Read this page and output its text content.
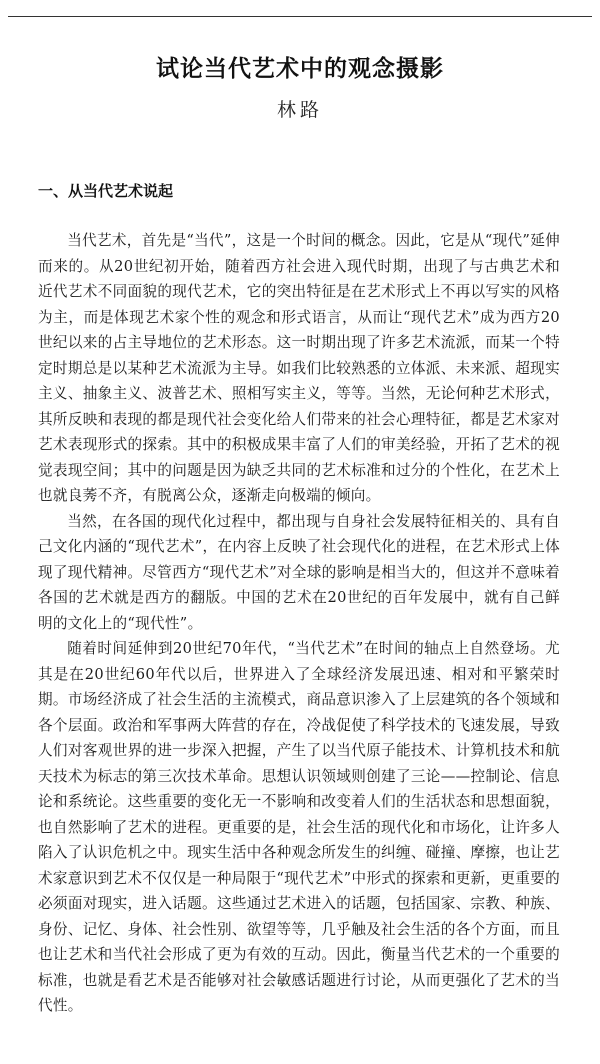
试论当代艺术中的观念摄影
林路
一、从当代艺术说起

当代艺术，首先是“当代”，这是一个时间的概念。因此，它是从“现代”延伸而来的。从20世纪初开始，随着西方社会进入现代时期，出现了与古典艺术和近代艺术不同面貌的现代艺术，它的突出特征是在艺术形式上不再以写实的风格为主，而是体现艺术家个性的观念和形式语言，从而让“现代艺术”成为西方20世纪以来的占主导地位的艺术形态。这一时期出现了许多艺术流派，而某一个特定时期总是以某种艺术流派为主导。如我们比较熟悉的立体派、未来派、超现实主义、抽象主义、波普艺术、照相写实主义，等等。当然，无论何种艺术形式，其所反映和表现的都是现代社会变化给人们带来的社会心理特征，都是艺术家对艺术表现形式的探索。其中的积极成果丰富了人们的审美经验，开拓了艺术的视觉表现空间；其中的问题是因为缺乏共同的艺术标准和过分的个性化，在艺术上也就良莠不齐，有脱离公众，逐渐走向极端的倾向。

当然，在各国的现代化过程中，都出现与自身社会发展特征相关的、具有自己文化内涵的“现代艺术”，在内容上反映了社会现代化的进程，在艺术形式上体现了现代精神。尽管西方“现代艺术”对全球的影响是相当大的，但这并不意味着各国的艺术就是西方的翻版。中国的艺术在20世纪的百年发展中，就有自己鲜明的文化上的“现代性”。

随着时间延伸到20世纪70年代，“当代艺术”在时间的轴点上自然登场。尤其是在20世纪60年代以后，世界进入了全球经济发展迅速、相对和平繁荣时期。市场经济成了社会生活的主流模式，商品意识渗入了上层建筑的各个领域和各个层面。政治和军事两大阵营的存在，冷战促使了科学技术的飞速发展，导致人们对客观世界的进一步深入把握，产生了以当代原子能技术、计算机技术和航天技术为标志的第三次技术革命。思想认识领域则创建了三论——控制论、信息论和系统论。这些重要的变化无一不影响和改变着人们的生活状态和思想面貌，也自然影响了艺术的进程。更重要的是，社会生活的现代化和市场化，让许多人陷入了认识危机之中。现实生活中各种观念所发生的纠缠、碰撞、摩擦，也让艺术家意识到艺术不仅仅是一种局限于“现代艺术”中形式的探索和更新，更重要的必须面对现实，进入话题。这些通过艺术进入的话题，包括国家、宗教、种族、身份、记忆、身体、社会性别、欲望等等，几乎触及社会生活的各个方面，而且也让艺术和当代社会形成了更为有效的互动。因此，衡量当代艺术的一个重要的标准，也就是看艺术是否能够对社会敏感话题进行讨论，从而更强化了艺术的当代性。
